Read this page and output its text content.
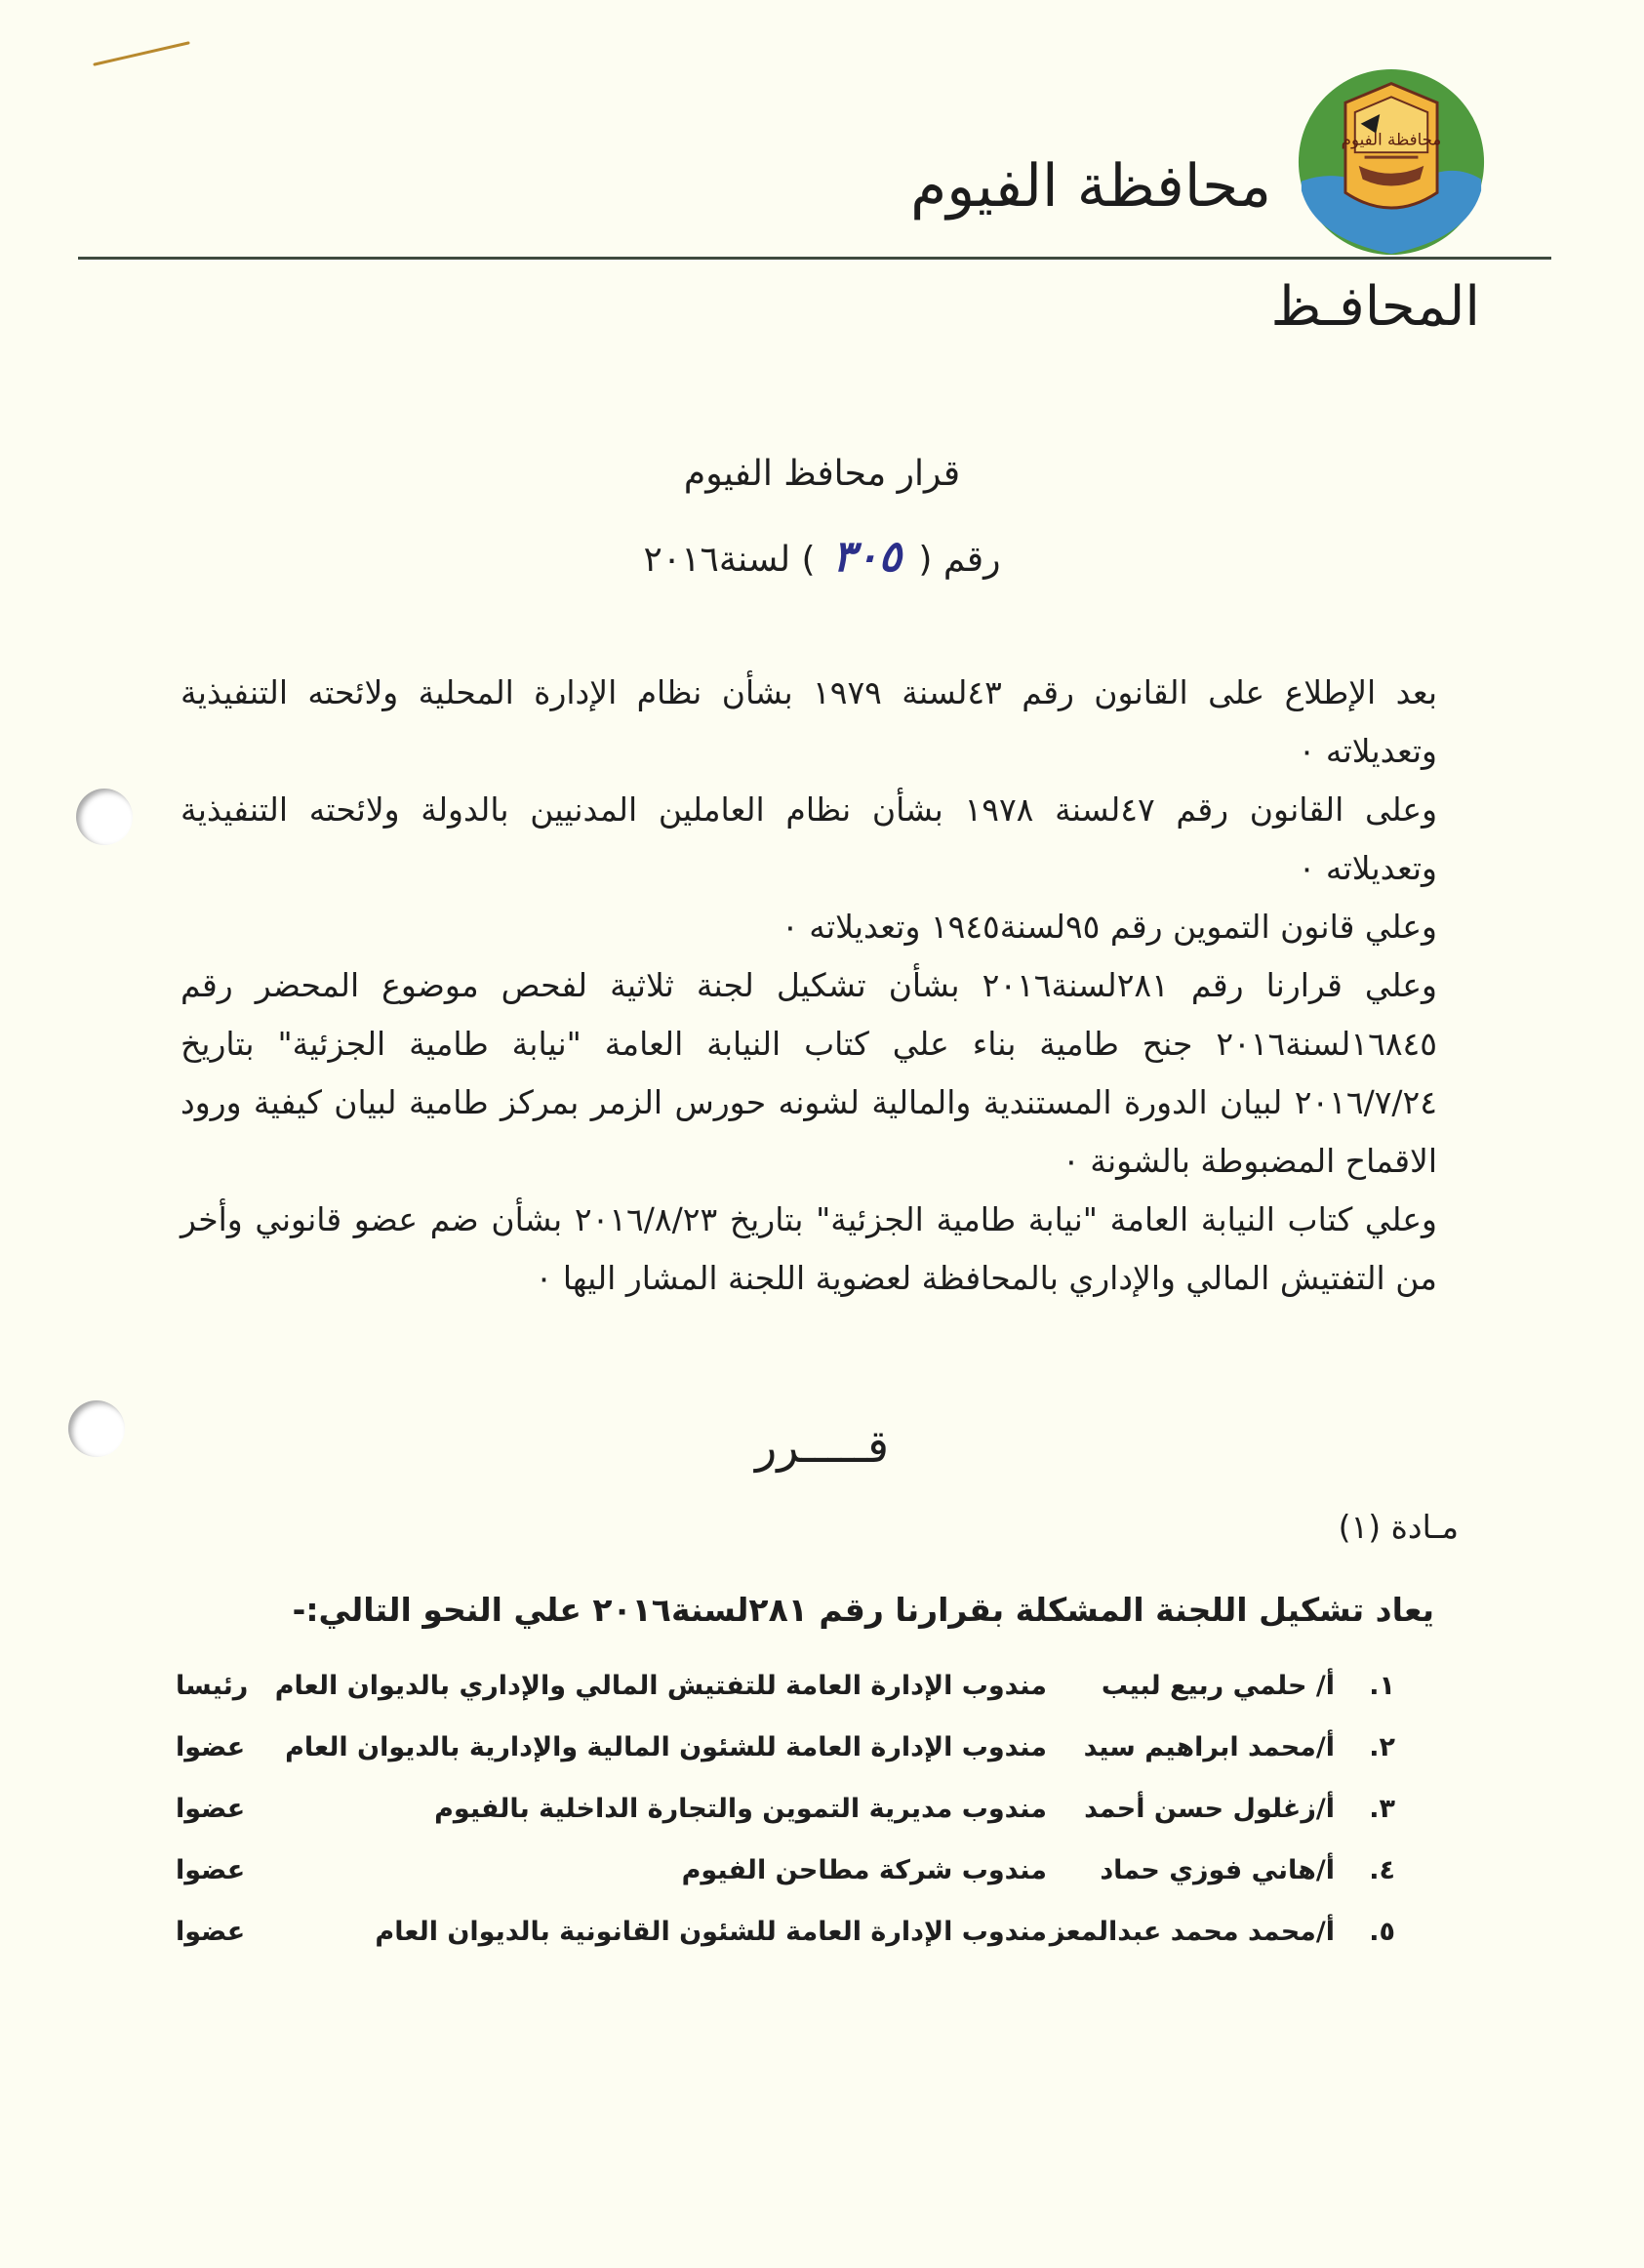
محافظة الفيوم
محافظة الفيوم
المحافـظ
قرار محافظ الفيوم
رقم ( ٣٠٥ ) لسنة٢٠١٦

بعد الإطلاع على القانون رقم ٤٣لسنة ١٩٧٩ بشأن نظام الإدارة المحلية ولائحته التنفيذية وتعديلاته ٠

وعلى القانون رقم ٤٧لسنة ١٩٧٨ بشأن نظام العاملين المدنيين بالدولة ولائحته التنفيذية وتعديلاته ٠

وعلي قانون التموين رقم ٩٥لسنة١٩٤٥ وتعديلاته ٠

وعلي قرارنا رقم ٢٨١لسنة٢٠١٦ بشأن تشكيل لجنة ثلاثية لفحص موضوع المحضر رقم ١٦٨٤٥لسنة٢٠١٦ جنح طامية بناء علي كتاب النيابة العامة "نيابة طامية الجزئية" بتاريخ ٢٠١٦/٧/٢٤ لبيان الدورة المستندية والمالية لشونه حورس الزمر بمركز طامية لبيان كيفية ورود الاقماح المضبوطة بالشونة ٠

وعلي كتاب النيابة العامة "نيابة طامية الجزئية" بتاريخ ٢٠١٦/٨/٢٣ بشأن ضم عضو قانوني وأخر من التفتيش المالي والإداري بالمحافظة لعضوية اللجنة المشار اليها ٠

قـــــرر
مـادة (١)
يعاد تشكيل اللجنة المشكلة بقرارنا رقم ٢٨١لسنة٢٠١٦ علي النحو التالي:-
١.
أ/ حلمي ربيع لبيب
مندوب الإدارة العامة للتفتيش المالي والإداري بالديوان العام
رئيسا
٢.
أ/محمد ابراهيم سيد
مندوب الإدارة العامة للشئون المالية والإدارية بالديوان العام
عضوا
٣.
أ/زغلول حسن أحمد
مندوب مديرية التموين والتجارة الداخلية بالفيوم
عضوا
٤.
أ/هاني فوزي حماد
مندوب شركة مطاحن الفيوم
عضوا
٥.
أ/محمد محمد عبدالمعز
مندوب الإدارة العامة للشئون القانونية بالديوان العام
عضوا
